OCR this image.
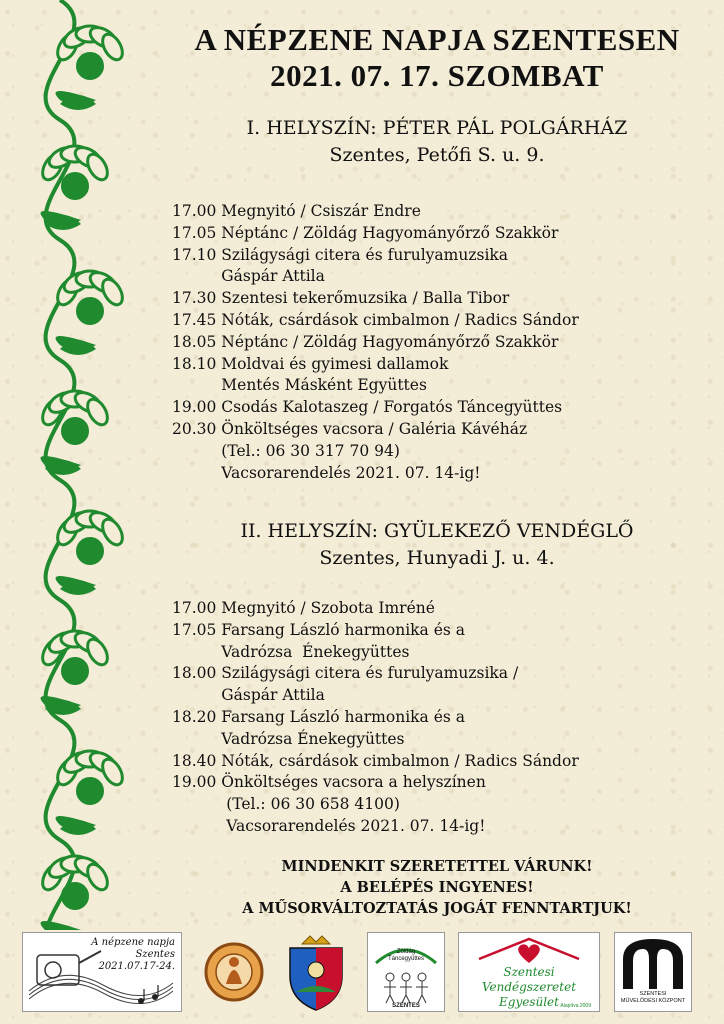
A NÉPZENE NAPJA SZENTESEN
2021. 07. 17. SZOMBAT
I. HELYSZÍN: PÉTER PÁL POLGÁRHÁZ
Szentes, Petőfi S. u. 9.
17.00 Megnyitó / Csiszár Endre
17.05 Néptánc / Zöldág Hagyományőrző Szakkör
17.10 Szilágysági citera és furulyamuzsika
Gáspár Attila
17.30 Szentesi tekerőmuzsika / Balla Tibor
17.45 Nóták, csárdások cimbalmon / Radics Sándor
18.05 Néptánc / Zöldág Hagyományőrző Szakkör
18.10 Moldvai és gyimesi dallamok
Mentés Másként Együttes
19.00 Csodás Kalotaszeg / Forgatós Táncegyüttes
20.30 Önköltséges vacsora / Galéria Kávéház
(Tel.: 06 30 317 70 94)
Vacsorarendelés 2021. 07. 14-ig!
II. HELYSZÍN: GYÜLEKEZŐ VENDÉGLŐ
Szentes, Hunyadi J. u. 4.
17.00 Megnyitó / Szobota Imréné
17.05 Farsang László harmonika és a
Vadrózsa  Énekegyüttes
18.00 Szilágysági citera és furulyamuzsika /
Gáspár Attila
18.20 Farsang László harmonika és a
Vadrózsa Énekegyüttes
18.40 Nóták, csárdások cimbalmon / Radics Sándor
19.00 Önköltséges vacsora a helyszínen
(Tel.: 06 30 658 4100)
Vacsorarendelés 2021. 07. 14-ig!
MINDENKIT SZERETETTEL VÁRUNK!
A BELÉPÉS INGYENES!
A MŰSORVÁLTOZTATÁS JOGÁT FENNTARTJUK!
A népzene napja
Szentes
2021.07.17-24.
Zöldág
Táncegyüttes
SZENTES
Szentesi Vendégszeretet
Egyesület Alapítva 2009
SZENTESI
MŰVELŐDÉSI KÖZPONT
